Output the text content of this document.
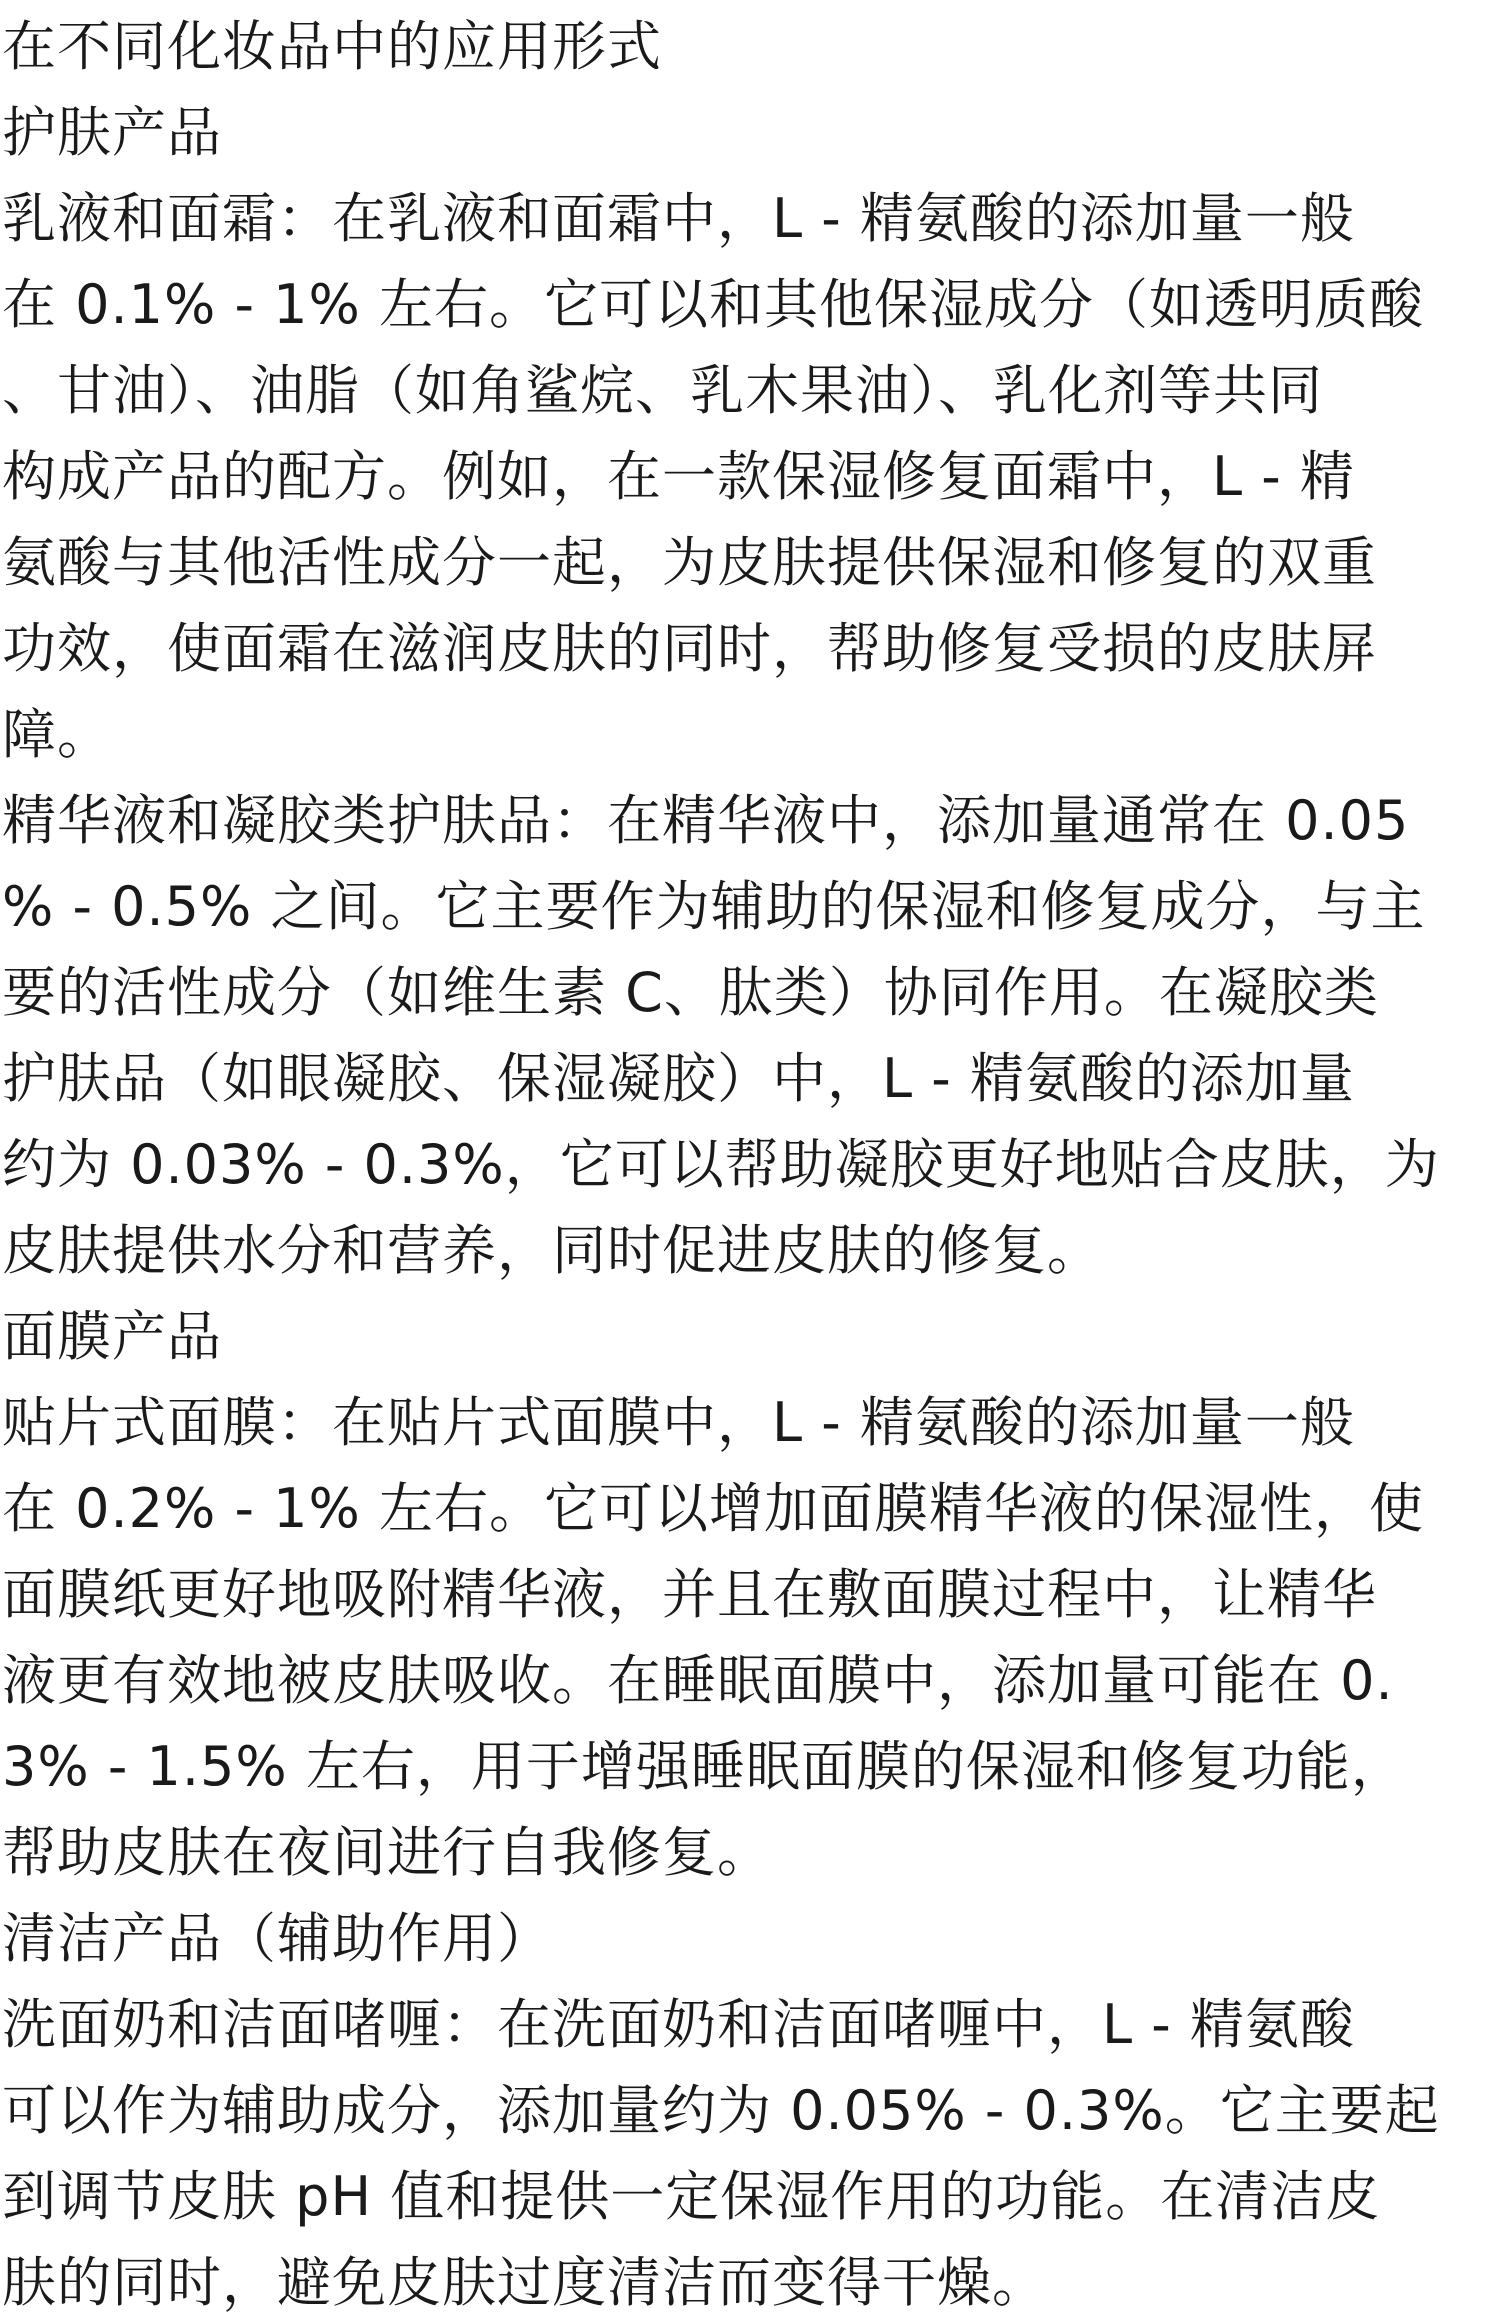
在不同化妆品中的应用形式
护肤产品
乳液和面霜：在乳液和面霜中，L - 精氨酸的添加量一般
在 0.1% - 1% 左右。它可以和其他保湿成分（如透明质酸
、甘油）、油脂（如角鲨烷、乳木果油）、乳化剂等共同
构成产品的配方。例如，在一款保湿修复面霜中，L - 精
氨酸与其他活性成分一起，为皮肤提供保湿和修复的双重
功效，使面霜在滋润皮肤的同时，帮助修复受损的皮肤屏
障。
精华液和凝胶类护肤品：在精华液中，添加量通常在 0.05
% - 0.5% 之间。它主要作为辅助的保湿和修复成分，与主
要的活性成分（如维生素 C、肽类）协同作用。在凝胶类
护肤品（如眼凝胶、保湿凝胶）中，L - 精氨酸的添加量
约为 0.03% - 0.3%，它可以帮助凝胶更好地贴合皮肤，为
皮肤提供水分和营养，同时促进皮肤的修复。
面膜产品
贴片式面膜：在贴片式面膜中，L - 精氨酸的添加量一般
在 0.2% - 1% 左右。它可以增加面膜精华液的保湿性，使
面膜纸更好地吸附精华液，并且在敷面膜过程中，让精华
液更有效地被皮肤吸收。在睡眠面膜中，添加量可能在 0.
3% - 1.5% 左右，用于增强睡眠面膜的保湿和修复功能，
帮助皮肤在夜间进行自我修复。
清洁产品（辅助作用）
洗面奶和洁面啫喱：在洗面奶和洁面啫喱中，L - 精氨酸
可以作为辅助成分，添加量约为 0.05% - 0.3%。它主要起
到调节皮肤 pH 值和提供一定保湿作用的功能。在清洁皮
肤的同时，避免皮肤过度清洁而变得干燥。
